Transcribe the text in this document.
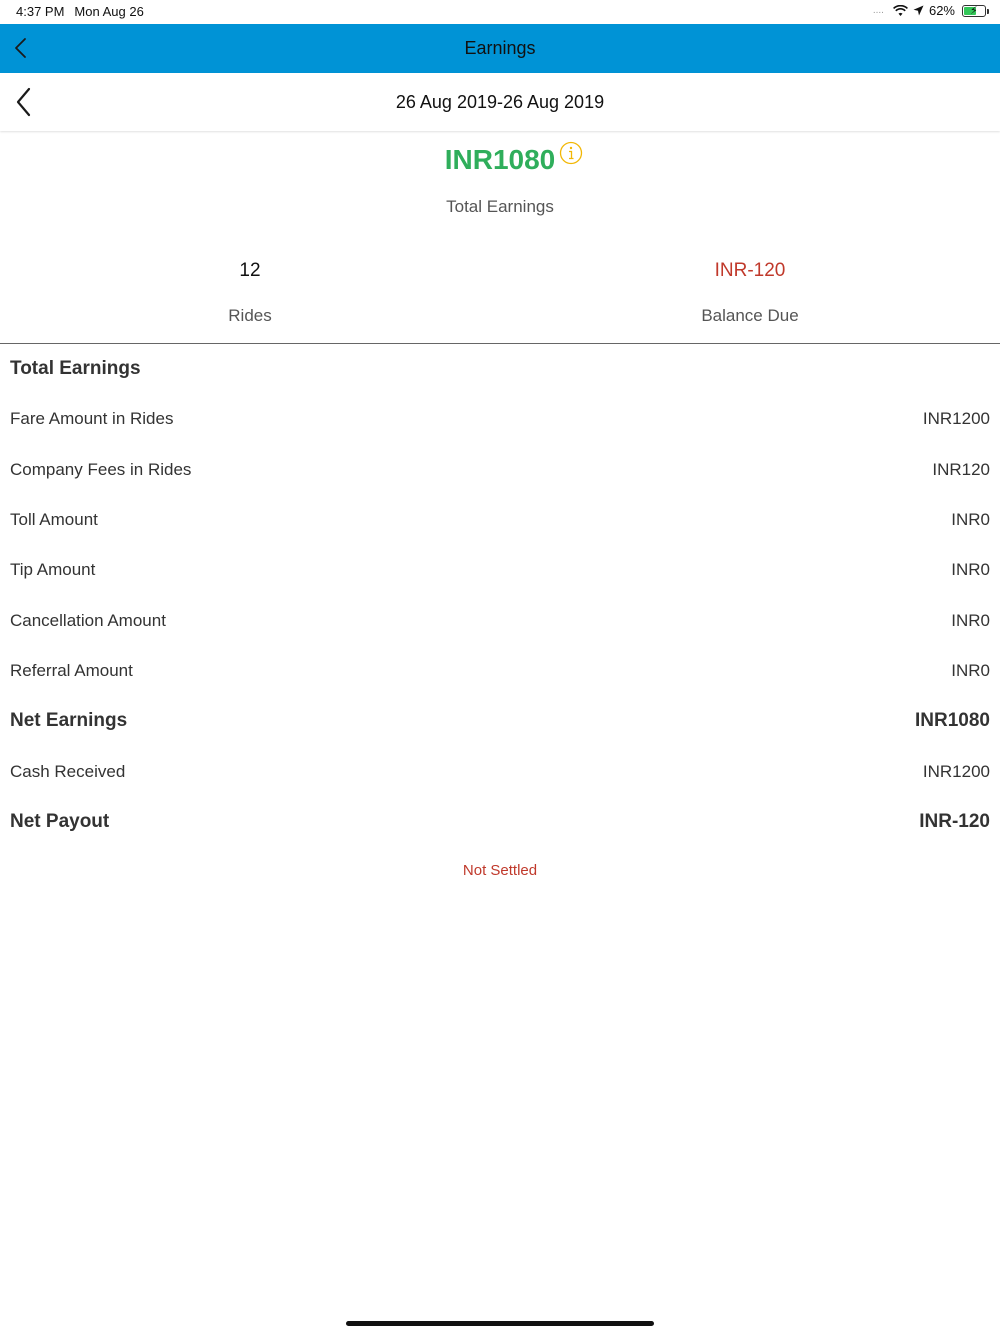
4:37 PM Mon Aug 26	....	62% ⚡
Earnings
26 Aug 2019-26 Aug 2019
INR1080
Total Earnings
12
Rides
INR-120
Balance Due
Total Earnings
Fare Amount in Rides	INR1200
Company Fees in Rides	INR120
Toll Amount	INR0
Tip Amount	INR0
Cancellation Amount	INR0
Referral Amount	INR0
Net Earnings	INR1080
Cash Received	INR1200
Net Payout	INR-120
Not Settled
